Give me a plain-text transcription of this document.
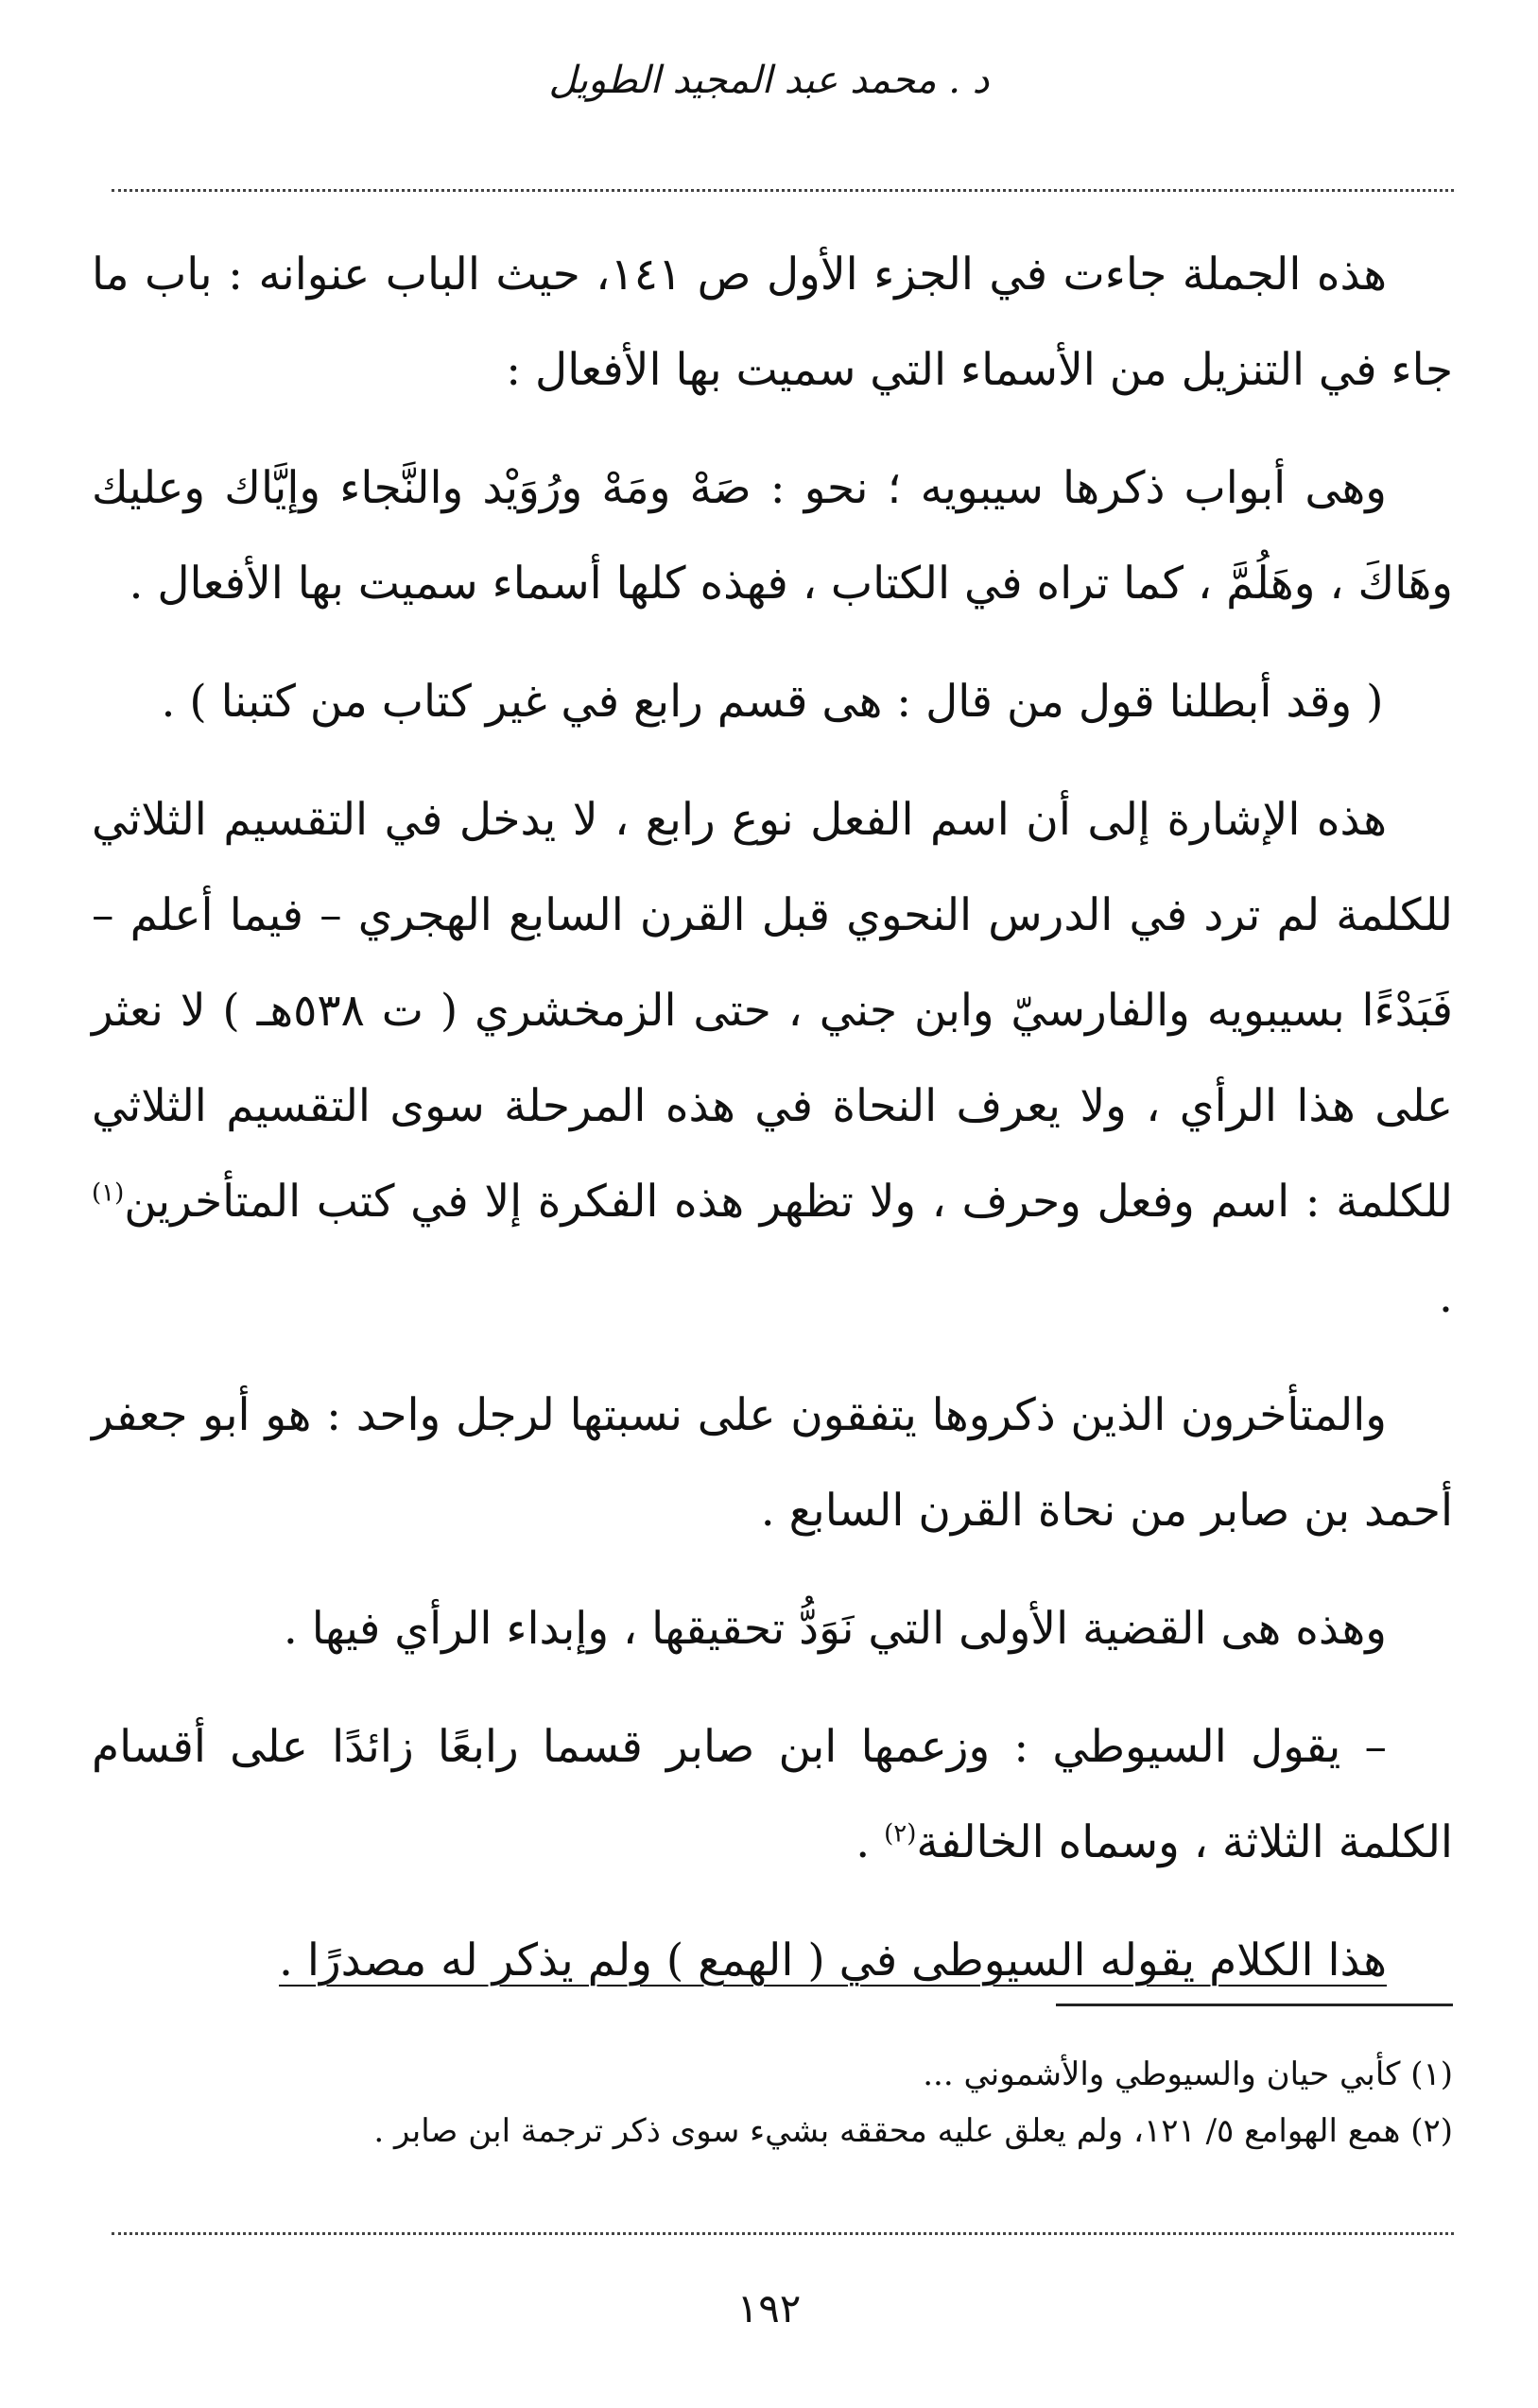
د . محمد عبد المجيد الطويل

هذه الجملة جاءت في الجزء الأول ص ١٤١، حيث الباب عنوانه : باب ما جاء في التنزيل من الأسماء التي سميت بها الأفعال :

وهى أبواب ذكرها سيبويه ؛ نحو : صَهْ ومَهْ ورُوَيْد والنَّجاء وإيَّاك وعليك وهَاكَ ، وهَلُمَّ ، كما تراه في الكتاب ، فهذه كلها أسماء سميت بها الأفعال .

( وقد أبطلنا قول من قال : هى قسم رابع في غير كتاب من كتبنا ) .

هذه الإشارة إلى أن اسم الفعل نوع رابع ، لا يدخل في التقسيم الثلاثي للكلمة لم ترد في الدرس النحوي قبل القرن السابع الهجري – فيما أعلم – فَبَدْءًا بسيبويه والفارسيّ وابن جني ، حتى الزمخشري ( ت ٥٣٨هـ ) لا نعثر على هذا الرأي ، ولا يعرف النحاة في هذه المرحلة سوى التقسيم الثلاثي للكلمة : اسم وفعل وحرف ، ولا تظهر هذه الفكرة إلا في كتب المتأخرين$^{(١)}$ .

والمتأخرون الذين ذكروها يتفقون على نسبتها لرجل واحد : هو أبو جعفر أحمد بن صابر من نحاة القرن السابع .

وهذه هى القضية الأولى التي نَوَدُّ تحقيقها ، وإبداء الرأي فيها .

– يقول السيوطي : وزعمها ابن صابر قسما رابعًا زائدًا على أقسام الكلمة الثلاثة ، وسماه الخالفة$^{(٢)}$ .

هذا الكلام يقوله السيوطى في ( الهمع ) ولم يذكر له مصدرًا .

(١) كأبي حيان والسيوطي والأشموني ...

(٢) همع الهوامع ٥/ ١٢١، ولم يعلق عليه محققه بشيء سوى ذكر ترجمة ابن صابر .

١٩٢
